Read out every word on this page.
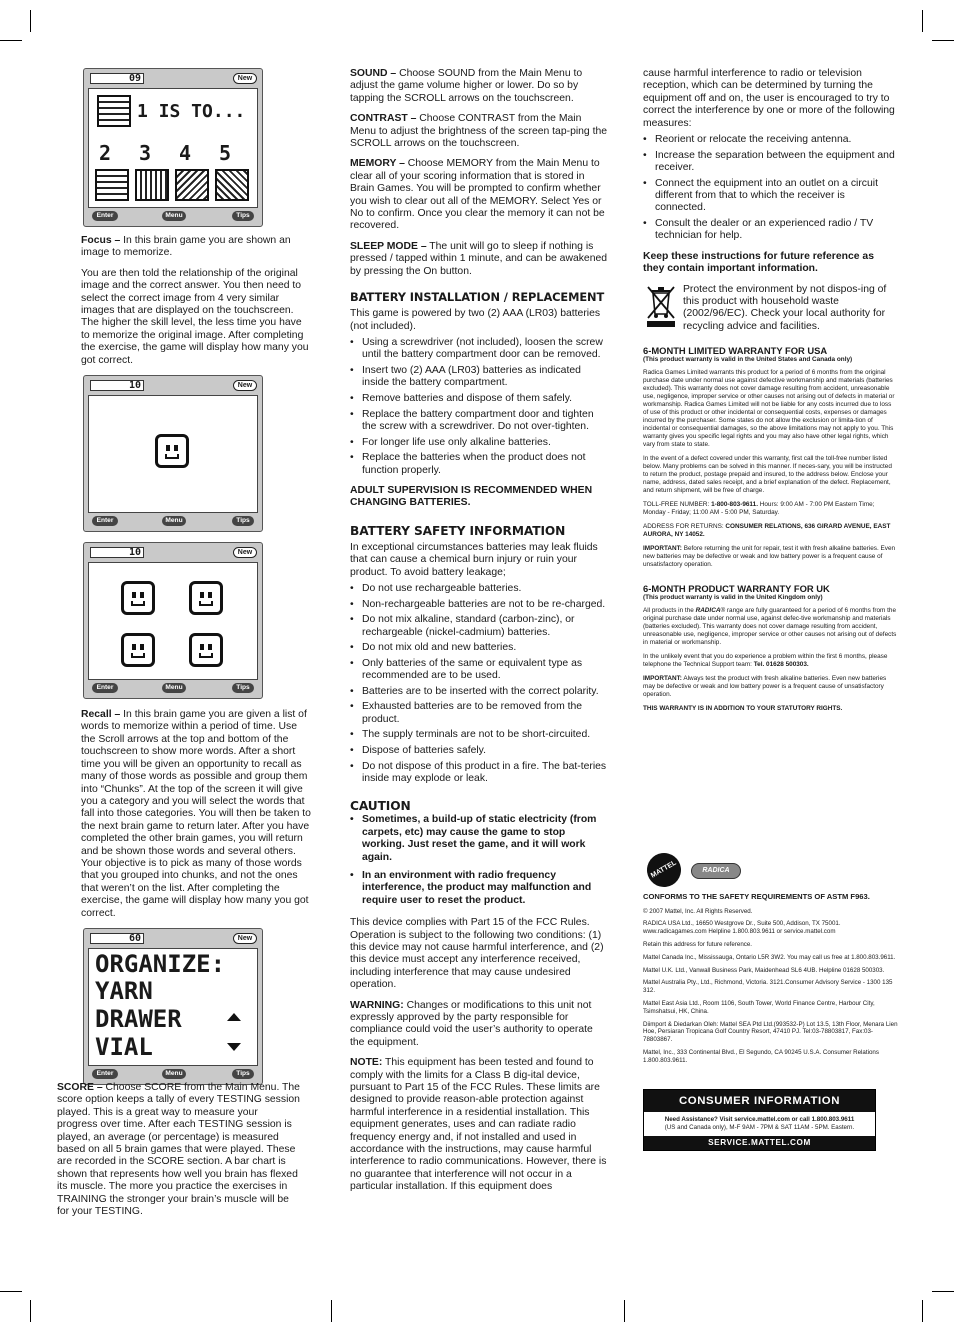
09	New
1 IS TO...
2 3 4 5
Enter	Menu	Tips

Focus – In this brain game you are shown an image to memorize.

You are then told the relationship of the original image and the correct answer. You then need to select the correct image from 4 very similar images that are displayed on the touchscreen. The higher the skill level, the less time you have to memorize the original image. After completing the exercise, the game will display how many you got correct.

10	New
Enter	Menu	Tips
10	New
Enter	Menu	Tips

Recall – In this brain game you are given a list of words to memorize within a period of time. Use the Scroll arrows at the top and bottom of the touchscreen to show more words. After a short time you will be given an opportunity to recall as many of those words as possible and group them into “Chunks”. At the top of the screen it will give you a category and you will select the words that fall into those categories. You will then be taken to the next brain game to return later. After you have completed the other brain games, you will return and be shown those words and several others. Your objective is to pick as many of those words that you grouped into chunks, and not the ones that weren’t on the list. After completing the exercise, the game will display how many you got correct.

60	New
ORGANIZE:
YARN
DRAWER
VIAL
Enter	Menu	Tips

SCORE – Choose SCORE from the Main Menu. The score option keeps a tally of every TESTING session played. This is a great way to measure your progress over time. After each TESTING session is played, an average (or percentage) is measured based on all 5 brain games that were played. These are recorded in the SCORE section. A bar chart is shown that represents how well you brain has flexed its muscle. The more you practice the exercises in TRAINING the stronger your brain’s muscle will be for your TESTING.

SOUND – Choose SOUND from the Main Menu to adjust the game volume higher or lower. Do so by tapping the SCROLL arrows on the touchscreen.

CONTRAST – Choose CONTRAST from the Main Menu to adjust the brightness of the screen tap-ping the SCROLL arrows on the touchscreen.

MEMORY – Choose MEMORY from the Main Menu to clear all of your scoring information that is stored in Brain Games. You will be prompted to confirm whether you wish to clear out all of the MEMORY. Select Yes or No to confirm. Once you clear the memory it can not be recovered.

SLEEP MODE – The unit will go to sleep if nothing is pressed / tapped within 1 minute, and can be awakened by pressing the On button.

BATTERY INSTALLATION / REPLACEMENT

This game is powered by two (2) AAA (LR03) batteries (not included).

• Using a screwdriver (not included), loosen the screw until the battery compartment door can be removed.
• Insert two (2) AAA (LR03) batteries as indicated inside the battery compartment.
• Remove batteries and dispose of them safely.
• Replace the battery compartment door and tighten the screw with a screwdriver. Do not over-tighten.
• For longer life use only alkaline batteries.
• Replace the batteries when the product does not function properly.

ADULT SUPERVISION IS RECOMMENDED WHEN CHANGING BATTERIES.

BATTERY SAFETY INFORMATION

In exceptional circumstances batteries may leak fluids that can cause a chemical burn injury or ruin your product. To avoid battery leakage;

• Do not use rechargeable batteries.
• Non-rechargeable batteries are not to be re-charged.
• Do not mix alkaline, standard (carbon-zinc), or rechargeable (nickel-cadmium) batteries.
• Do not mix old and new batteries.
• Only batteries of the same or equivalent type as recommended are to be used.
• Batteries are to be inserted with the correct polarity.
• Exhausted batteries are to be removed from the product.
• The supply terminals are not to be short-circuited.
• Dispose of batteries safely.
• Do not dispose of this product in a fire. The bat-teries inside may explode or leak.
CAUTION
• Sometimes, a build-up of static electricity (from carpets, etc) may cause the game to stop working. Just reset the game, and it will work again.
• In an environment with radio frequency interference, the product may malfunction and require user to reset the product.

This device complies with Part 15 of the FCC Rules. Operation is subject to the following two conditions: (1) this device may not cause harmful interference, and (2) this device must accept any interference received, including interference that may cause undesired operation.

WARNING: Changes or modifications to this unit not expressly approved by the party responsible for compliance could void the user’s authority to operate the equipment.

NOTE: This equipment has been tested and found to comply with the limits for a Class B dig-ital device, pursuant to Part 15 of the FCC Rules. These limits are designed to provide reason-able protection against harmful interference in a residential installation. This equipment generates, uses and can radiate radio frequency energy and, if not installed and used in accordance with the instructions, may cause harmful interference to radio communications. However, there is no guarantee that interference will not occur in a particular installation. If this equipment does

cause harmful interference to radio or television reception, which can be determined by turning the equipment off and on, the user is encouraged to try to correct the interference by one or more of the following measures:

• Reorient or relocate the receiving antenna.
• Increase the separation between the equipment and receiver.
• Connect the equipment into an outlet on a circuit different from that to which the receiver is connected.
• Consult the dealer or an experienced radio / TV technician for help.

Keep these instructions for future reference as they contain important information.

Protect the environment by not dispos-ing of this product with household waste (2002/96/EC). Check your local authority for recycling advice and facilities.

6-MONTH LIMITED WARRANTY FOR USA
(This product warranty is valid in the United States and Canada only)

Radica Games Limited warrants this product for a period of 6 months from the original purchase date under normal use against defective workmanship and materials (batteries excluded). This warranty does not cover damage resulting from accident, unreasonable use, negligence, improper service or other causes not arising out of defects in material or workmanship. Radica Games Limited will not be liable for any costs incurred due to loss of use of this product or other incidental or consequential costs, expenses or damages incurred by the purchaser. Some states do not allow the exclusion or limita-tion of incidental or consequential damages, so the above limitations may not apply to you. This warranty gives you specific legal rights and you may also have other legal rights, which vary from state to state.

In the event of a defect covered under this warranty, first call the toll-free number listed below. Many problems can be solved in this manner. If neces-sary, you will be instructed to return the product, postage prepaid and insured, to the address below. Enclose your name, address, dated sales receipt, and a brief explanation of the defect. Replacement, and return shipment, will be free of charge.

TOLL-FREE NUMBER: 1-800-803-9611. Hours: 9:00 AM - 7:00 PM Eastern Time; Monday - Friday; 11:00 AM - 5:00 PM, Saturday.

ADDRESS FOR RETURNS: CONSUMER RELATIONS, 636 GIRARD AVENUE, EAST AURORA, NY 14052.

IMPORTANT: Before returning the unit for repair, test it with fresh alkaline batteries. Even new batteries may be defective or weak and low battery power is a frequent cause of unsatisfactory operation.

6-MONTH PRODUCT WARRANTY FOR UK
(This product warranty is valid in the United Kingdom only)

All products in the RADICA® range are fully guaranteed for a period of 6 months from the original purchase date under normal use, against defec-tive workmanship and materials (batteries excluded). This warranty does not cover damage resulting from accident, unreasonable use, negligence, improper service or other causes not arising out of defects in material or workmanship.

In the unlikely event that you do experience a problem within the first 6 months, please telephone the Technical Support team: Tel. 01628 500303.

IMPORTANT: Always test the product with fresh alkaline batteries. Even new batteries may be defective or weak and low battery power is a frequent cause of unsatisfactory operation.

THIS WARRANTY IS IN ADDITION TO YOUR STATUTORY RIGHTS.

MATTEL	RADICA

CONFORMS TO THE SAFETY REQUIREMENTS OF ASTM F963.

© 2007 Mattel, Inc. All Rights Reserved.

RADICA USA Ltd., 16650 Westgrove Dr., Suite 500, Addison, TX 75001. www.radicagames.com Helpline 1.800.803.9611 or service.mattel.com

Retain this address for future reference.

Mattel Canada Inc., Mississauga, Ontario L5R 3W2. You may call us free at 1.800.803.9611.

Mattel U.K. Ltd., Vanwall Business Park, Maidenhead SL6 4UB. Helpline 01628 500303.

Mattel Australia Pty., Ltd., Richmond, Victoria. 3121.Consumer Advisory Service - 1300 135 312.

Mattel East Asia Ltd., Room 1106, South Tower, World Finance Centre, Harbour City, Tsimshatsui, HK, China.

Diimport & Diedarkan Oleh: Mattel SEA Ptd Ltd.(993532-P) Lot 13.5, 13th Floor, Menara Lien Hoe, Persiaran Tropicana Golf Country Resort, 47410 PJ. Tel:03-78803817, Fax:03-78803867.

Mattel, Inc., 333 Continental Blvd., El Segundo, CA 90245 U.S.A. Consumer Relations 1.800.803.9611.

CONSUMER INFORMATION
Need Assistance? Visit service.mattel.com or call 1.800.803.9611
(US and Canada only), M-F 9AM - 7PM & SAT 11AM - 5PM. Eastern.
SERVICE.MATTEL.COM
